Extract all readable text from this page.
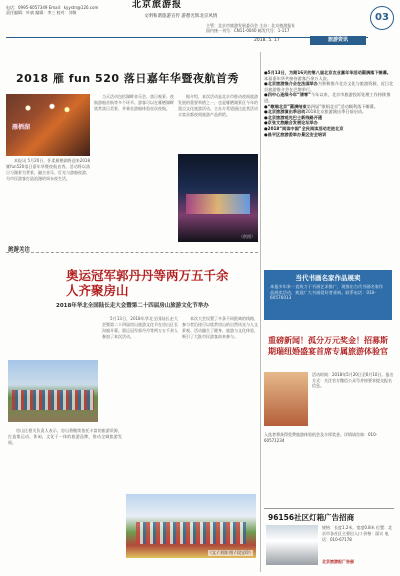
电话：0995-6057349 Email：kyystn@126.com
责任编辑：叶斌 编辑：李三 校对：刘敏
北京旅游报
文明和谐旅游宣传 游憩光辉北京风情
主管：北京市旅游发展委员会 主办：北京旅游报社
国内统一刊号：CN11-0040 邮发代号：1-117
03
2018. 5. 17	旅游资讯
2018 雁 fun 520 落日嘉年华暨夜航首秀
雁栖湖

本报讯 5月20日，怀柔雁栖湖将迎来2018雁fun520落日嘉年华暨夜航首秀。活动将以落日与湖景为背景，融合音乐、灯光与游船夜游，为市民游客打造浪漫的周末夜生活。

当天活动包括湖畔音乐会、落日观景、夜航游船首航等多个环节。游客可以在雁栖湖畔欣赏落日美景，并乘坐游船体验首次夜航。

据介绍，本次活动是北京市推动夜间旅游发展的重要举措之一，也是雁栖湖景区今年的重点文化旅游活动。主办方希望通过此类活动丰富首都夜间旅游产品供给。

（供图）
旅游关注
奥运冠军郭丹丹等两万五千余人齐聚房山
2018年华北全国陆长走大会暨第二十四届房山旅游文化节举办

5月13日，2018年华北全国陆长走大会暨第二十四届房山旅游文化节在房山区长沟镇开幕。奥运冠军郭丹丹等两万五千余人参加了本次活动。

本次大会设置了多条不同距离的线路，参与者沿途可以欣赏房山的自然风光与人文景观。活动融合了健身、旅游与文化体验，吸引了大批市民游客前来参与。

房山区相关负责人表示，房山将继续依托丰富的旅游资源，打造集运动、休闲、文化于一体的旅游品牌，推动全域旅游发展。

（文 / 刘涛 图 / 段宝玲）
●5月13日，为期16天的第八届北京农业嘉年华活动圆满落下帷幕。本届嘉年华共接待游客百余万人次。
●北京旅游推介会在法国举办为积极推介北京文化与旅游资源，近日北京旅游推介会在巴黎举行。
●四中心连续今年“清零”今年以来，北京市旅游投诉处理工作持续推进。
●“歌唱北京”圆满结束第四届“歌唱北京”活动顺利落下帷幕。
●北京旅游演出季启动2018北京旅游演出季日前启动。
●北京旅游观光巴士新线路开通
●京张文旅融合发展论坛举办
●2018“阅读中国”全民阅读活动走进北京
●昌平区旅游委举办景区安全培训
当代书画名家作品展卖
本报多年来一直致力于书画艺术推广，现推出当代书画名家作品展卖活动，欢迎广大书画爱好者垂询。联系电话：010-60576013
重磅新闻！孤分万元奖金！招募斯期瑞纽婚盛宴首席专属旅游体验官
活动时间：2018年5月20日至6月10日。报名方式：关注官方微信公众号并按要求提交报名信息。
入选者将获得免费旅游体验机会及丰厚奖金。详情请咨询：010-60571234
96156社区灯箱广告招商
规格：长度1.2米，宽度0.8米 位置：北京市各社区主要出入口 价格：面议 电话：010-67178
北京旅游报广告部
